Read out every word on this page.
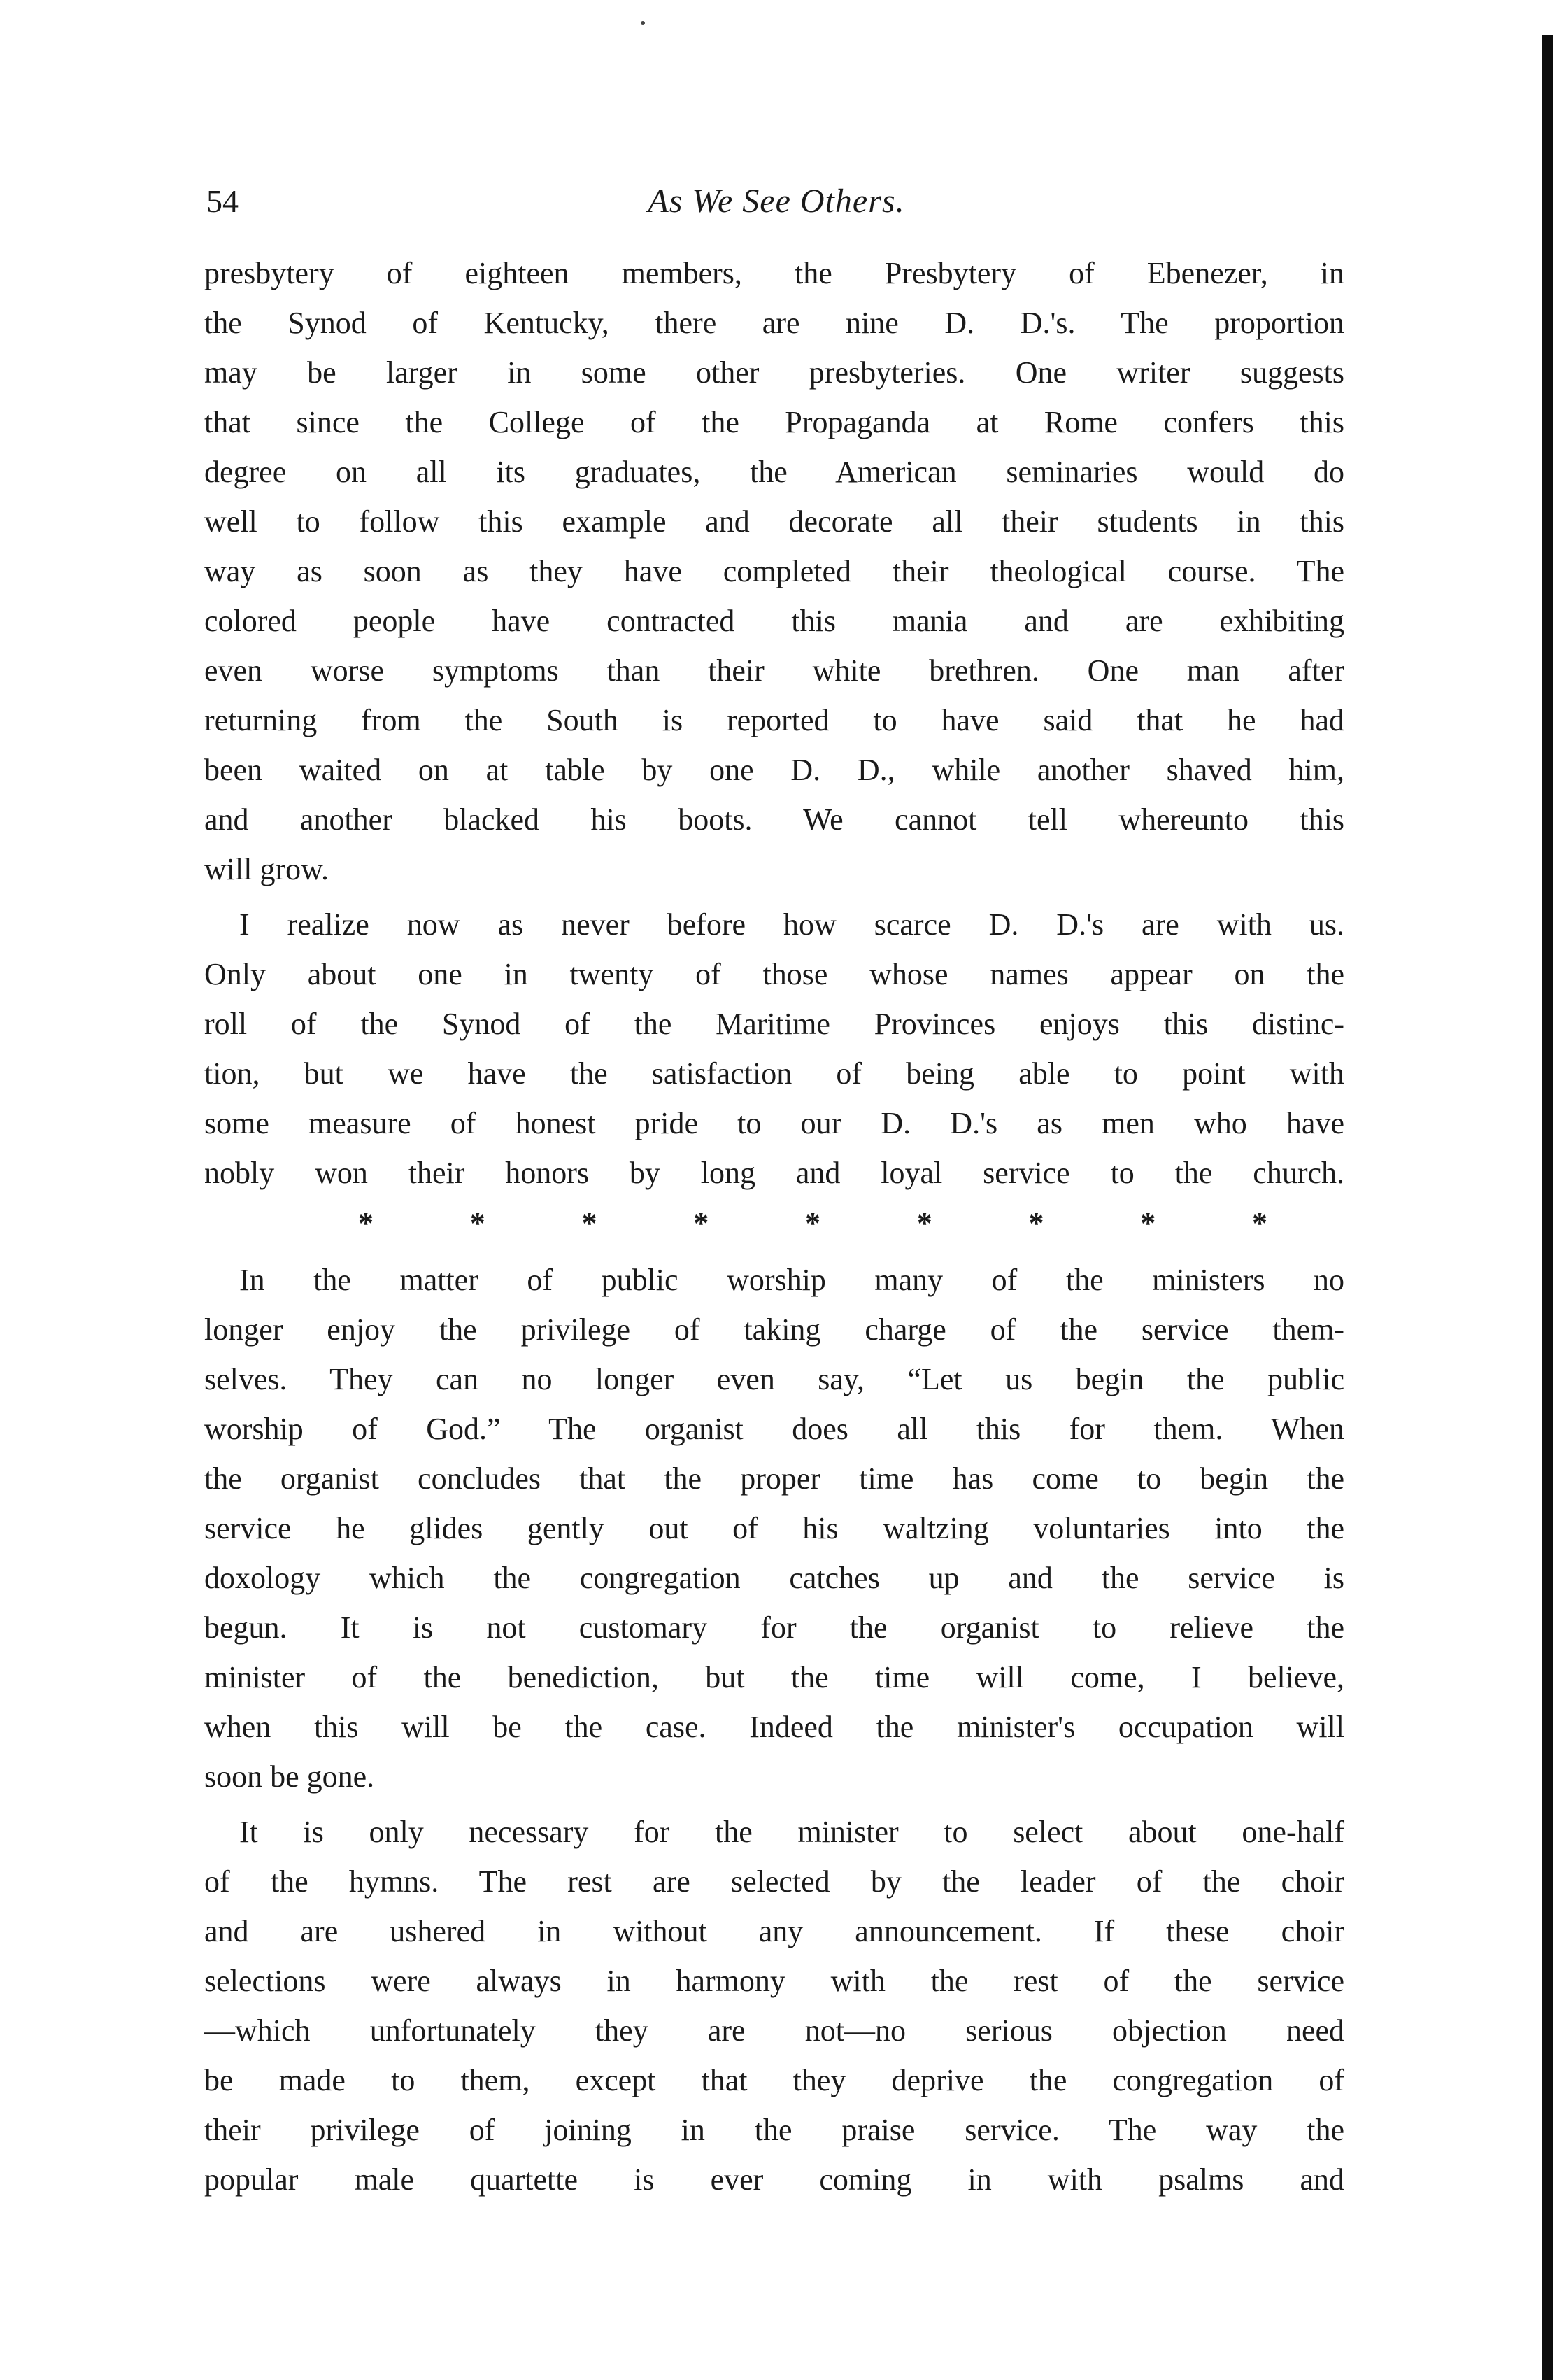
54	As We See Others.
presbytery of eighteen members, the Presbytery of Ebenezer, in
the Synod of Kentucky, there are nine D. D.'s. The proportion
may be larger in some other presbyteries. One writer suggests
that since the College of the Propaganda at Rome confers this
degree on all its graduates, the American seminaries would do
well to follow this example and decorate all their students in this
way as soon as they have completed their theological course. The
colored people have contracted this mania and are exhibiting
even worse symptoms than their white brethren. One man after
returning from the South is reported to have said that he had
been waited on at table by one D. D., while another shaved him,
and another blacked his boots. We cannot tell whereunto this
will grow.
I realize now as never before how scarce D. D.'s are with us.
Only about one in twenty of those whose names appear on the
roll of the Synod of the Maritime Provinces enjoys this distinc-
tion, but we have the satisfaction of being able to point with
some measure of honest pride to our D. D.'s as men who have
nobly won their honors by long and loyal service to the church.
*	*	*	*	*	*	*	*	*
In the matter of public worship many of the ministers no
longer enjoy the privilege of taking charge of the service them-
selves. They can no longer even say, “Let us begin the public
worship of God.” The organist does all this for them. When
the organist concludes that the proper time has come to begin the
service he glides gently out of his waltzing voluntaries into the
doxology which the congregation catches up and the service is
begun. It is not customary for the organist to relieve the
minister of the benediction, but the time will come, I believe,
when this will be the case. Indeed the minister's occupation will
soon be gone.
It is only necessary for the minister to select about one-half
of the hymns. The rest are selected by the leader of the choir
and are ushered in without any announcement. If these choir
selections were always in harmony with the rest of the service
—which unfortunately they are not—no serious objection need
be made to them, except that they deprive the congregation of
their privilege of joining in the praise service. The way the
popular male quartette is ever coming in with psalms and
